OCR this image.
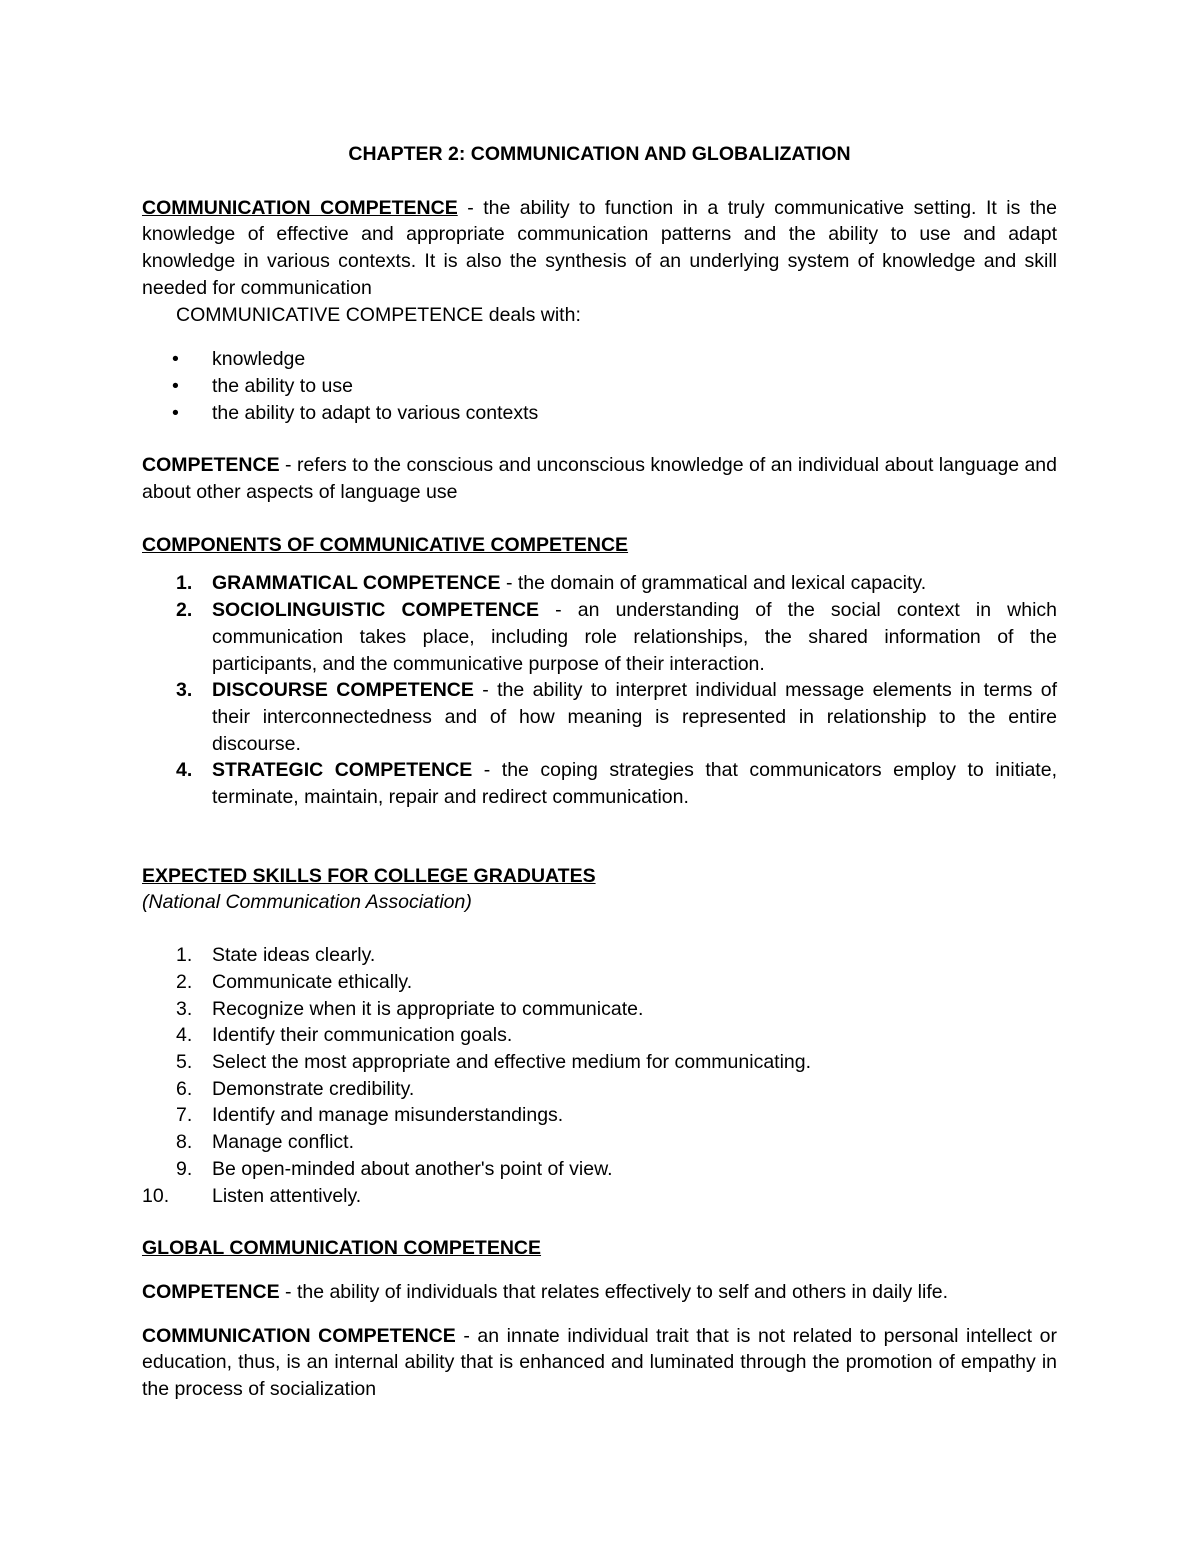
CHAPTER 2: COMMUNICATION AND GLOBALIZATION

COMMUNICATION COMPETENCE - the ability to function in a truly communicative setting. It is the knowledge of effective and appropriate communication patterns and the ability to use and adapt knowledge in various contexts. It is also the synthesis of an underlying system of knowledge and skill needed for communication

COMMUNICATIVE COMPETENCE deals with:

• knowledge
• the ability to use
• the ability to adapt to various contexts

COMPETENCE - refers to the conscious and unconscious knowledge of an individual about language and about other aspects of language use

COMPONENTS OF COMMUNICATIVE COMPETENCE

1. GRAMMATICAL COMPETENCE - the domain of grammatical and lexical capacity.
2. SOCIOLINGUISTIC COMPETENCE - an understanding of the social context in which communication takes place, including role relationships, the shared information of the participants, and the communicative purpose of their interaction.
3. DISCOURSE COMPETENCE - the ability to interpret individual message elements in terms of their interconnectedness and of how meaning is represented in relationship to the entire discourse.
4. STRATEGIC COMPETENCE - the coping strategies that communicators employ to initiate, terminate, maintain, repair and redirect communication.

EXPECTED SKILLS FOR COLLEGE GRADUATES

(National Communication Association)

1. State ideas clearly.
2. Communicate ethically.
3. Recognize when it is appropriate to communicate.
4. Identify their communication goals.
5. Select the most appropriate and effective medium for communicating.
6. Demonstrate credibility.
7. Identify and manage misunderstandings.
8. Manage conflict.
9. Be open-minded about another's point of view.
10. Listen attentively.

GLOBAL COMMUNICATION COMPETENCE

COMPETENCE - the ability of individuals that relates effectively to self and others in daily life.

COMMUNICATION COMPETENCE - an innate individual trait that is not related to personal intellect or education, thus, is an internal ability that is enhanced and luminated through the promotion of empathy in the process of socialization
